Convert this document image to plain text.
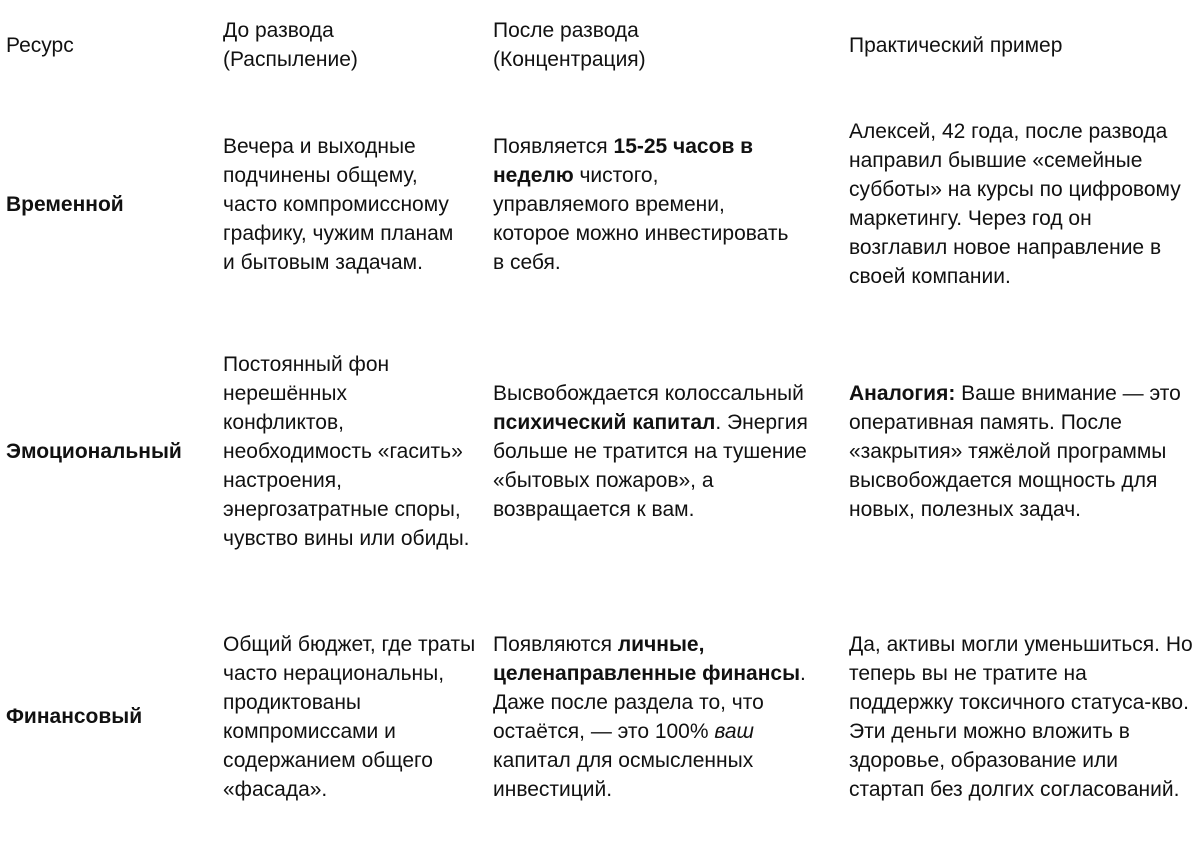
Ресурс
До развода (Распыление)
После развода (Концентрация)
Практический пример
Временной
Вечера и выходные подчинены общему, часто компромиссному графику, чужим планам и бытовым задачам.
Появляется 15-25 часов в неделю чистого, управляемого времени, которое можно инвестировать в себя.
Алексей, 42 года, после развода направил бывшие «семейные субботы» на курсы по цифровому маркетингу. Через год он возглавил новое направление в своей компании.
Эмоциональный
Постоянный фон нерешённых конфликтов, необходимость «гасить» настроения, энергозатратные споры, чувство вины или обиды.
Высвобождается колоссальный психический капитал. Энергия больше не тратится на тушение «бытовых пожаров», а возвращается к вам.
Аналогия: Ваше внимание — это оперативная память. После «закрытия» тяжёлой программы высвобождается мощность для новых, полезных задач.
Финансовый
Общий бюджет, где траты часто нерациональны, продиктованы компромиссами и содержанием общего «фасада».
Появляются личные, целенаправленные финансы. Даже после раздела то, что остаётся, — это 100% ваш капитал для осмысленных инвестиций.
Да, активы могли уменьшиться. Но теперь вы не тратите на поддержку токсичного статуса-кво. Эти деньги можно вложить в здоровье, образование или стартап без долгих согласований.
